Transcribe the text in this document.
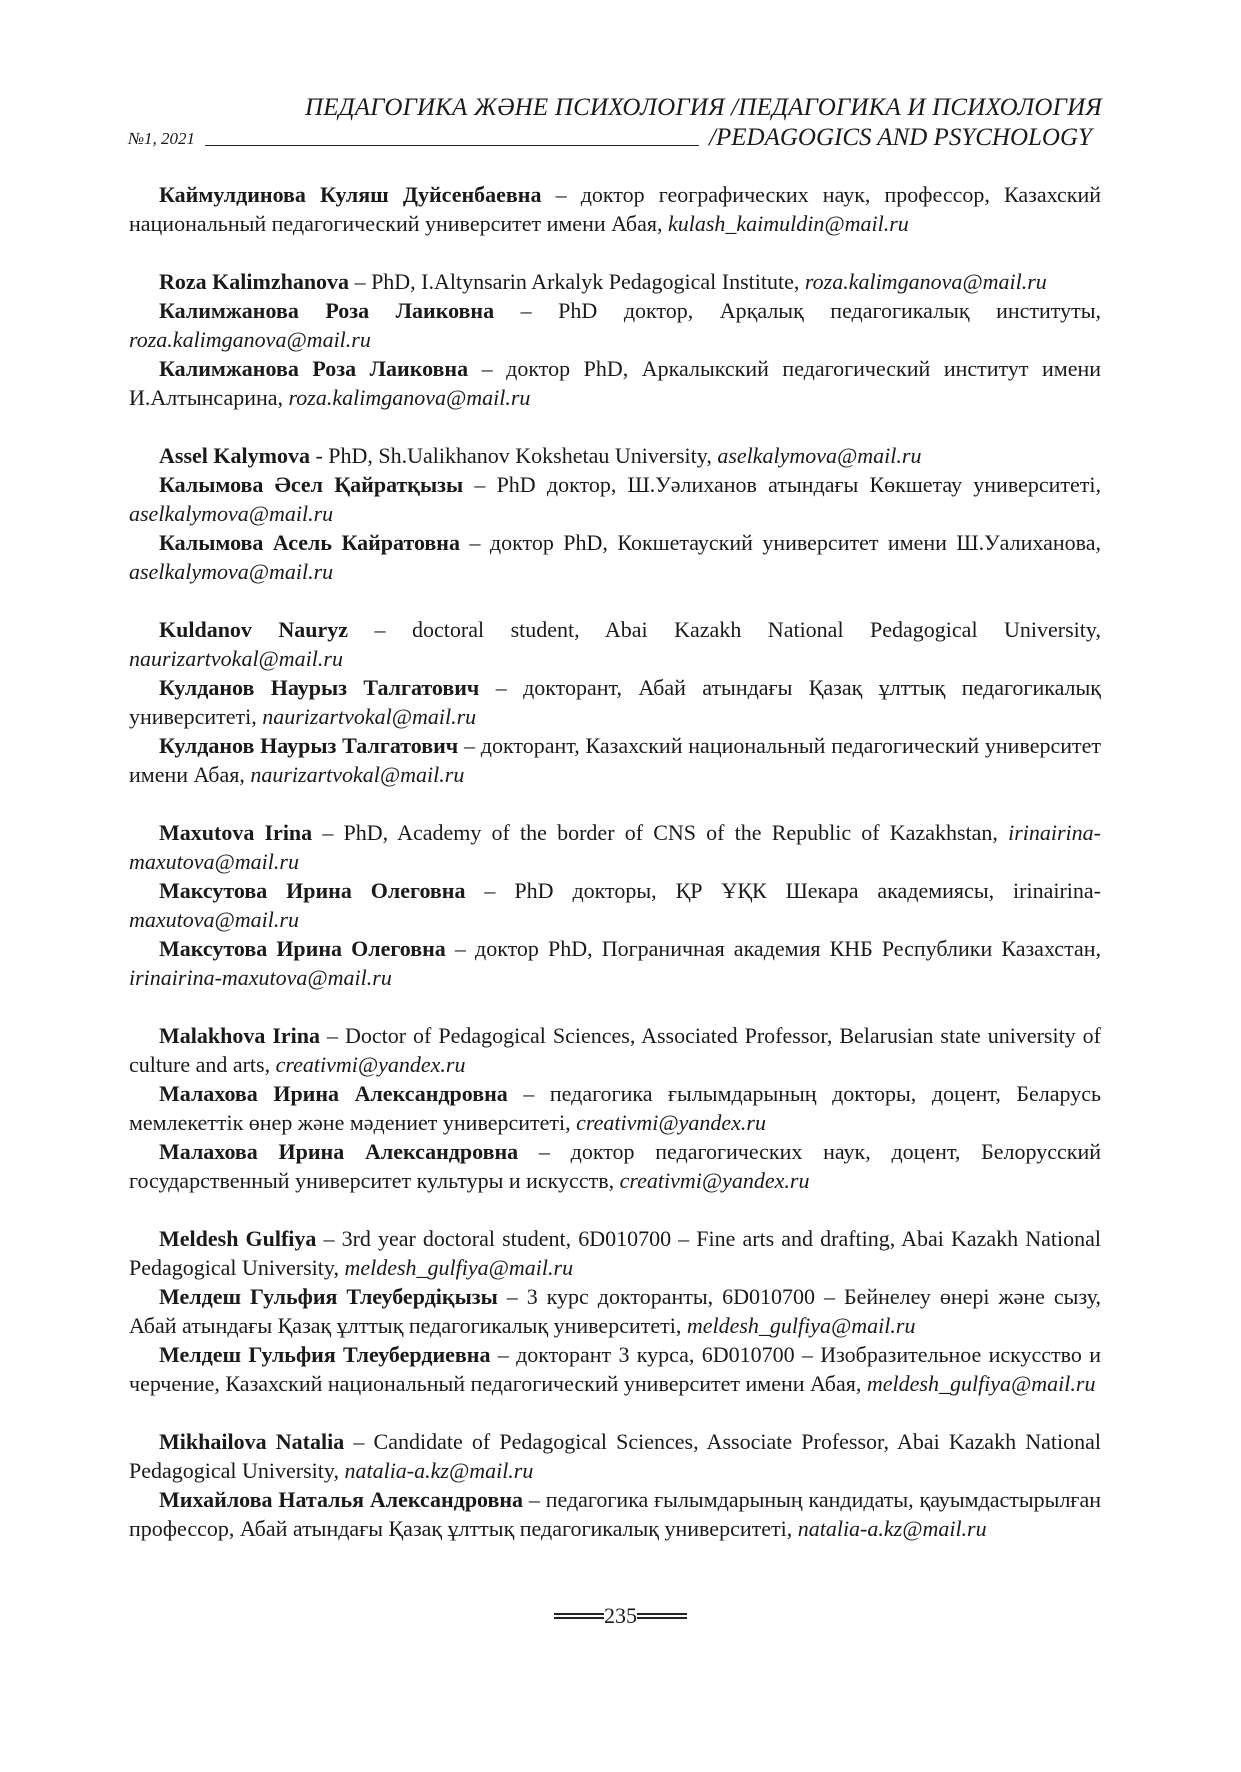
ПЕДАГОГИКА ЖӘНЕ ПСИХОЛОГИЯ /ПЕДАГОГИКА И ПСИХОЛОГИЯ
№1, 2021	/PEDAGOGICS AND PSYCHOLOGY

Каймулдинова Куляш Дуйсенбаевна – доктор географических наук, профессор, Казахский национальный педагогический университет имени Абая, kulash_kaimuldin@mail.ru

Roza Kalimzhanova – PhD, I.Altynsarin Arkalyk Pedagogical Institute, roza.kalimganova@mail.ru

Калимжанова Роза Лаиковна – PhD доктор, Арқалық педагогикалық институты, roza.kalimganova@mail.ru

Калимжанова Роза Лаиковна – доктор PhD, Аркалыкский педагогический институт имени И.Алтынсарина, roza.kalimganova@mail.ru

Assel Kalymova - PhD, Sh.Ualikhanov Kokshetau University, aselkalymova@mail.ru

Калымова Әсел Қайратқызы – PhD доктор, Ш.Уәлиханов атындағы Көкшетау университеті, aselkalymova@mail.ru

Калымова Асель Кайратовна – доктор PhD, Кокшетауский университет имени Ш.Уалиханова, aselkalymova@mail.ru

Kuldanov Nauryz – doctoral student, Abai Kazakh National Pedagogical University, naurizartvokal@mail.ru

Кулданов Наурыз Талгатович – докторант, Абай атындағы Қазақ ұлттық педагогикалық университеті, naurizartvokal@mail.ru

Кулданов Наурыз Талгатович – докторант, Казахский национальный педагогический университет имени Абая, naurizartvokal@mail.ru

Maxutova Irina – PhD, Academy of the border of CNS of the Republic of Kazakhstan, irinairina-maxutova@mail.ru

Максутова Ирина Олеговна – PhD докторы, ҚР ҰҚК Шекара академиясы, irinairina-maxutova@mail.ru

Максутова Ирина Олеговна – доктор PhD, Пограничная академия КНБ Республики Казахстан, irinairina-maxutova@mail.ru

Malakhova Irina – Doctor of Pedagogical Sciences, Associated Professor, Belarusian state university of culture and arts, creativmi@yandex.ru

Малахова Ирина Александровна – педагогика ғылымдарының докторы, доцент, Беларусь мемлекеттік өнер және мәдениет университеті, creativmi@yandex.ru

Малахова Ирина Александровна – доктор педагогических наук, доцент, Белорусский государственный университет культуры и искусств, creativmi@yandex.ru

Meldesh Gulfiya – 3rd year doctoral student, 6D010700 – Fine arts and drafting, Abai Kazakh National Pedagogical University, meldesh_gulfiya@mail.ru

Мелдеш Гульфия Тлеубердіқызы – 3 курс докторанты, 6D010700 – Бейнелеу өнері және сызу, Абай атындағы Қазақ ұлттық педагогикалық университеті, meldesh_gulfiya@mail.ru

Мелдеш Гульфия Тлеубердиевна – докторант 3 курса, 6D010700 – Изобразительное искусство и черчение, Казахский национальный педагогический университет имени Абая, meldesh_gulfiya@mail.ru

Mikhailova Natalia – Candidate of Pedagogical Sciences, Associate Professor, Abai Kazakh National Pedagogical University, natalia-a.kz@mail.ru

Михайлова Наталья Александровна – педагогика ғылымдарының кандидаты, қауымдастырылған профессор, Абай атындағы Қазақ ұлттық педагогикалық университеті, natalia-a.kz@mail.ru

235
